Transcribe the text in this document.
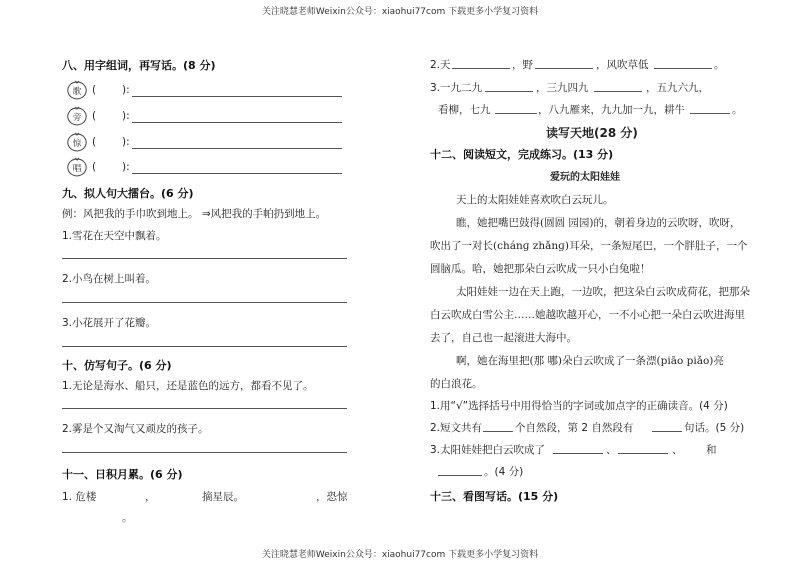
关注晓慧老师Weixin公众号：xiaohui77com 下载更多小学复习资料
关注晓慧老师Weixin公众号：xiaohui77com 下载更多小学复习资料
八、用字组词，再写话。(8 分)
歌	( ):
旁	( ):
惊	( ):
唱	( ):
九、拟人句大擂台。(6 分)
例：风把我的手巾吹到地上。 ⇒风把我的手帕扔到地上。
1.雪花在天空中飘着。
2.小鸟在树上叫着。
3.小花展开了花瓣。
十、仿写句子。(6 分)
1.无论是海水、船只，还是蓝色的远方，都看不见了。
2.雾是个又淘气又顽皮的孩子。
十一、日积月累。(6 分)
1. 危楼	，	摘星辰。	，恐惊
。
2.天	，野	，风吹草低	。
3.一九二九	，三九四九	，五九六九，
看柳，七九	，八九雁来，九九加一九，耕牛	。
读写天地(28 分)
十二、阅读短文，完成练习。(13 分)
爱玩的太阳娃娃
天上的太阳娃娃喜欢吹白云玩儿。
瞧，她把嘴巴鼓得(圆圆 园园)的，朝着身边的云吹呀，吹呀，
吹出了一对长(chánɡ zhǎnɡ)耳朵，一条短尾巴，一个胖肚子，一个
圆脑瓜。哈，她把那朵白云吹成一只小白兔啦！
太阳娃娃一边在天上跑，一边吹，把这朵白云吹成荷花，把那朵
白云吹成白雪公主……她越吹越开心，一不小心把一朵白云吹进海里
去了，自己也一起滚进大海中。
啊，她在海里把(那 哪)朵白云吹成了一条漂(piāo piǎo)亮
的白浪花。
1.用“√”选择括号中用得恰当的字词或加点字的正确读音。(4 分)
2.短文共有	个自然段，第 2 自然段有	句话。(5 分)
3.太阳娃娃把白云吹成了	、	、 和
。(4 分)
十三、看图写话。(15 分)
